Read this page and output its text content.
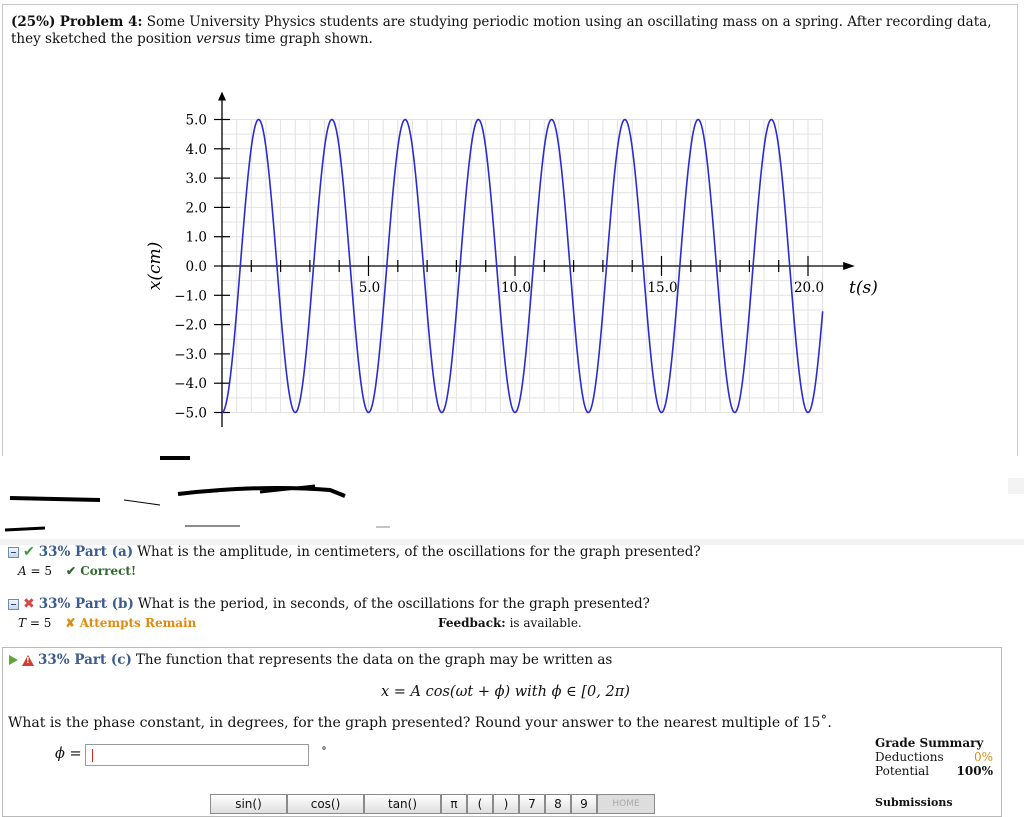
(25%) Problem 4: Some University Physics students are studying periodic motion using an oscillating mass on a spring. After recording data, they sketched the position versus time graph shown.
5.0
4.0
3.0
2.0
1.0
0.0
−1.0
−2.0
−3.0
−4.0
−5.0
5.0	10.0	15.0	20.0
x(cm)	t(s)
✔ 33% Part (a) What is the amplitude, in centimeters, of the oscillations for the graph presented?
A = 5 ✔ Correct!
✖ 33% Part (b) What is the period, in seconds, of the oscillations for the graph presented?
T = 5 ✘ Attempts Remain	Feedback: is available.
!
33% Part (c) The function that represents the data on the graph may be written as
x = A cos(ωt + ϕ) with ϕ ∈ [0, 2π)
What is the phase constant, in degrees, for the graph presented? Round your answer to the nearest multiple of 15˚.
ϕ =	˚
Grade Summary
Deductions	0%
Potential 100%
Submissions
sin()	cos()	tan()	π	(	)	7	8	9	HOME
